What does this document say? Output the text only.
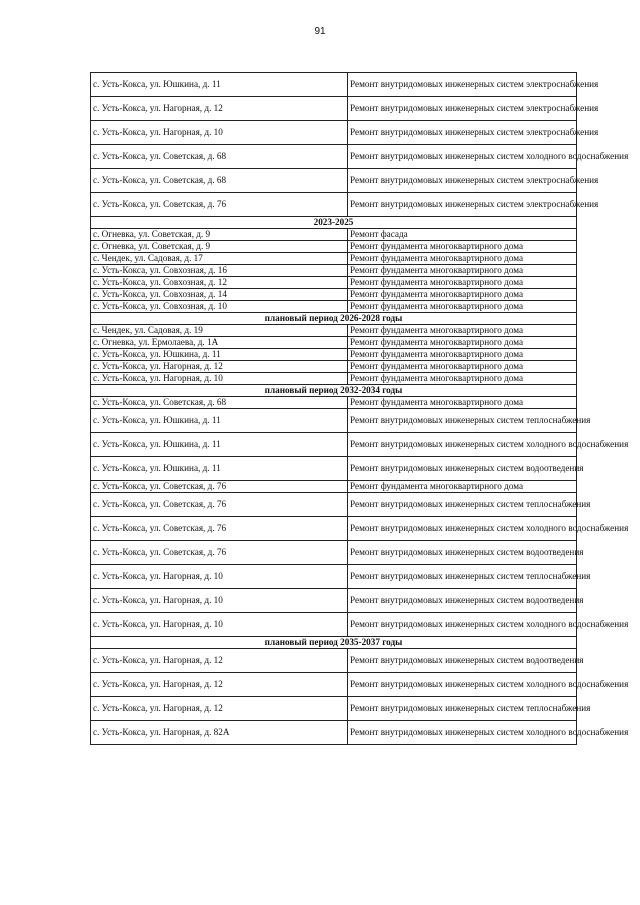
91
с. Усть-Кокса, ул. Юшкина, д. 11	Ремонт внутридомовых инженерных систем электроснабжения
с. Усть-Кокса, ул. Нагорная, д. 12	Ремонт внутридомовых инженерных систем электроснабжения
с. Усть-Кокса, ул. Нагорная, д. 10	Ремонт внутридомовых инженерных систем электроснабжения
с. Усть-Кокса, ул. Советская, д. 68	Ремонт внутридомовых инженерных систем холодного водоснабжения
с. Усть-Кокса, ул. Советская, д. 68	Ремонт внутридомовых инженерных систем электроснабжения
с. Усть-Кокса, ул. Советская, д. 76	Ремонт внутридомовых инженерных систем электроснабжения
2023-2025	
с. Огневка, ул. Советская, д. 9	Ремонт фасада
с. Огневка, ул. Советская, д. 9	Ремонт фундамента многоквартирного дома
с. Чендек, ул. Садовая, д. 17	Ремонт фундамента многоквартирного дома
с. Усть-Кокса, ул. Совхозная, д. 16	Ремонт фундамента многоквартирного дома
с. Усть-Кокса, ул. Совхозная, д. 12	Ремонт фундамента многоквартирного дома
с. Усть-Кокса, ул. Совхозная, д. 14	Ремонт фундамента многоквартирного дома
с. Усть-Кокса, ул. Совхозная, д. 10	Ремонт фундамента многоквартирного дома
плановый период 2026-2028 годы	
с. Чендек, ул. Садовая, д. 19	Ремонт фундамента многоквартирного дома
с. Огневка, ул. Ермолаева, д. 1А	Ремонт фундамента многоквартирного дома
с. Усть-Кокса, ул. Юшкина, д. 11	Ремонт фундамента многоквартирного дома
с. Усть-Кокса, ул. Нагорная, д. 12	Ремонт фундамента многоквартирного дома
с. Усть-Кокса, ул. Нагорная, д. 10	Ремонт фундамента многоквартирного дома
плановый период 2032-2034 годы	
с. Усть-Кокса, ул. Советская, д. 68	Ремонт фундамента многоквартирного дома
с. Усть-Кокса, ул. Юшкина, д. 11	Ремонт внутридомовых инженерных систем теплоснабжения
с. Усть-Кокса, ул. Юшкина, д. 11	Ремонт внутридомовых инженерных систем холодного водоснабжения
с. Усть-Кокса, ул. Юшкина, д. 11	Ремонт внутридомовых инженерных систем водоотведения
с. Усть-Кокса, ул. Советская, д. 76	Ремонт фундамента многоквартирного дома
с. Усть-Кокса, ул. Советская, д. 76	Ремонт внутридомовых инженерных систем теплоснабжения
с. Усть-Кокса, ул. Советская, д. 76	Ремонт внутридомовых инженерных систем холодного водоснабжения
с. Усть-Кокса, ул. Советская, д. 76	Ремонт внутридомовых инженерных систем водоотведения
с. Усть-Кокса, ул. Нагорная, д. 10	Ремонт внутридомовых инженерных систем теплоснабжения
с. Усть-Кокса, ул. Нагорная, д. 10	Ремонт внутридомовых инженерных систем водоотведения
с. Усть-Кокса, ул. Нагорная, д. 10	Ремонт внутридомовых инженерных систем холодного водоснабжения
плановый период 2035-2037 годы	
с. Усть-Кокса, ул. Нагорная, д. 12	Ремонт внутридомовых инженерных систем водоотведения
с. Усть-Кокса, ул. Нагорная, д. 12	Ремонт внутридомовых инженерных систем холодного водоснабжения
с. Усть-Кокса, ул. Нагорная, д. 12	Ремонт внутридомовых инженерных систем теплоснабжения
с. Усть-Кокса, ул. Нагорная, д. 82А	Ремонт внутридомовых инженерных систем холодного водоснабжения
